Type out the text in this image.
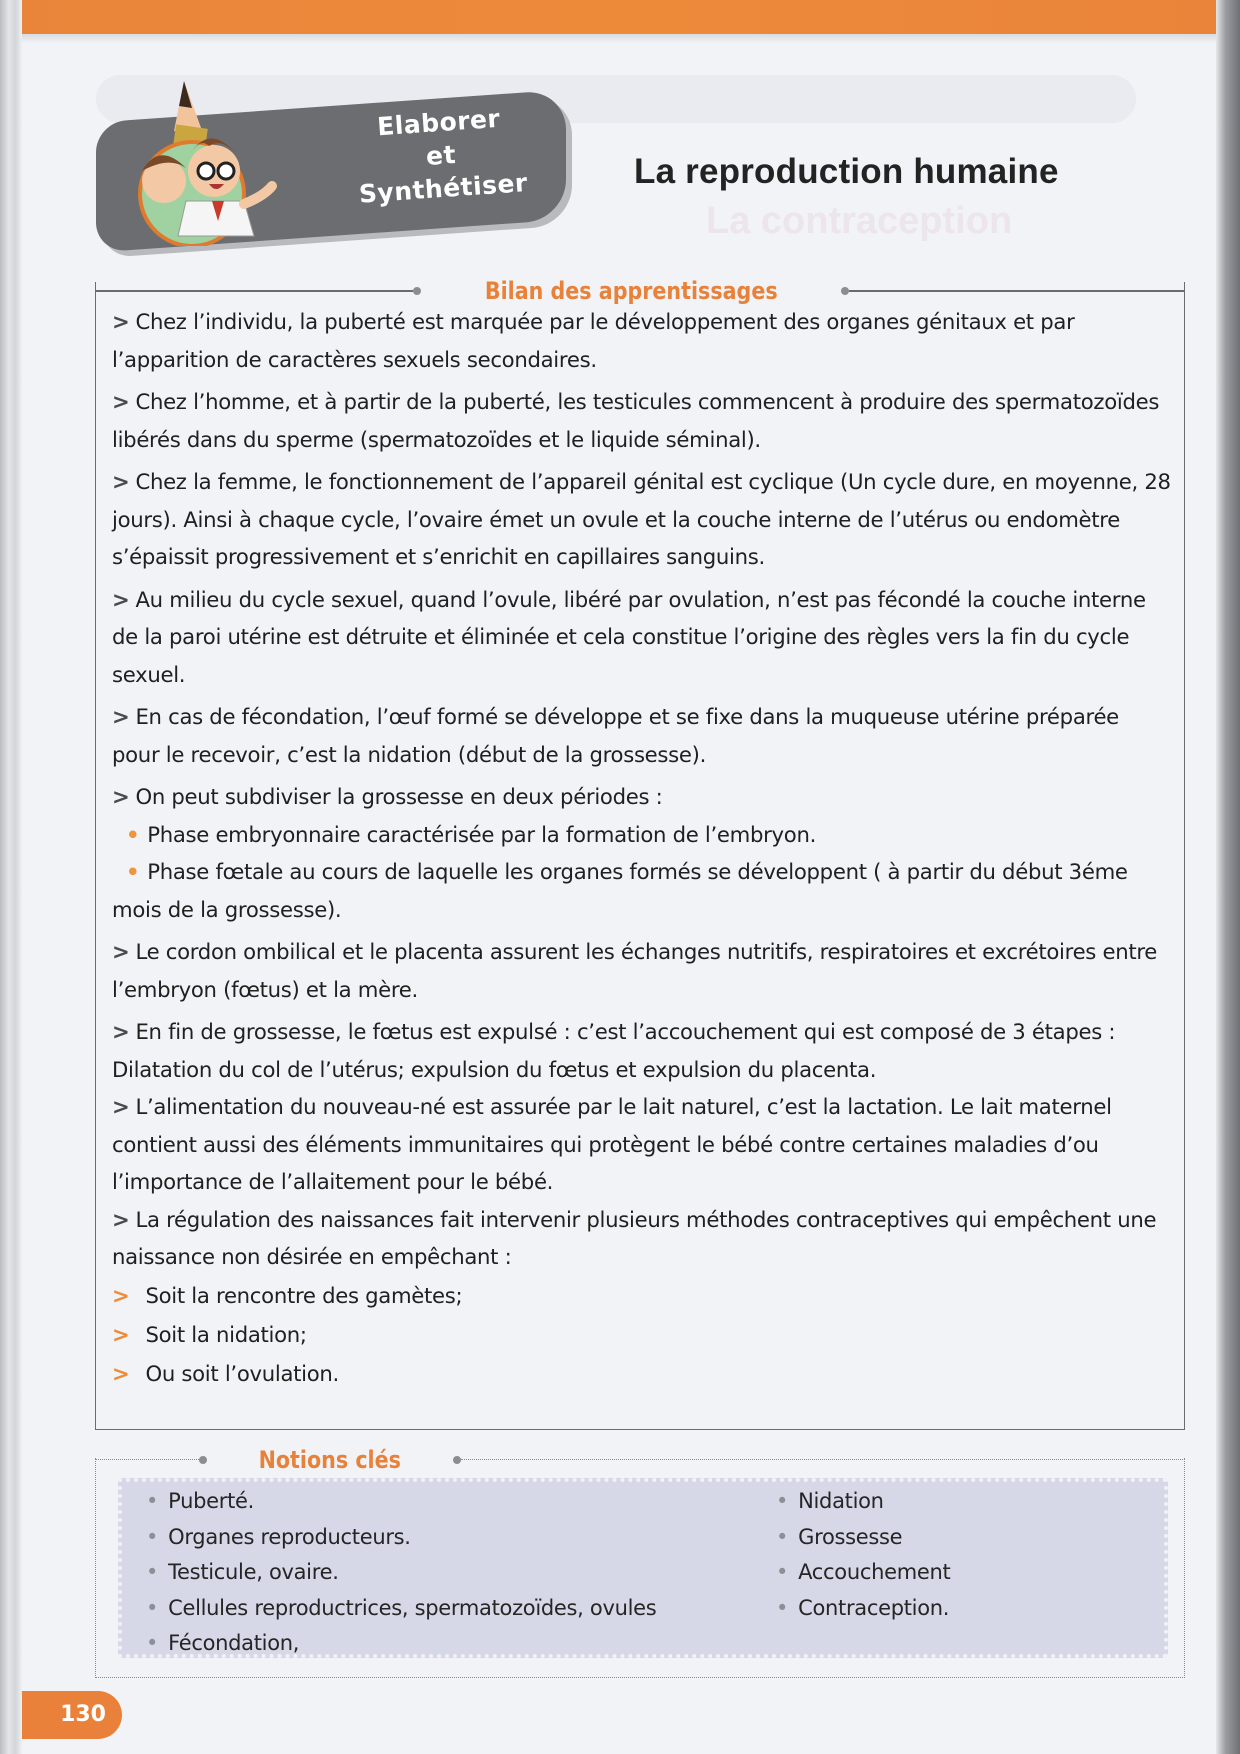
La contraception
Elaborer
et
Synthétiser	La reproduction humaine
Bilan des apprentissages

> Chez l’individu, la puberté est marquée par le développement des organes génitaux et par l’apparition de caractères sexuels secondaires.

> Chez l’homme, et à partir de la puberté, les testicules commencent à produire des spermatozoïdes libérés dans du sperme (spermatozoïdes et le liquide séminal).

> Chez la femme, le fonctionnement de l’appareil génital est cyclique (Un cycle dure, en moyenne, 28 jours). Ainsi à chaque cycle, l’ovaire émet un ovule et la couche interne de l’utérus ou endomètre s’épaissit progressivement et s’enrichit en capillaires sanguins.

> Au milieu du cycle sexuel, quand l’ovule, libéré par ovulation, n’est pas fécondé la couche interne de la paroi utérine est détruite et éliminée et cela constitue l’origine des règles vers la fin du cycle sexuel.

> En cas de fécondation, l’œuf formé se développe et se fixe dans la muqueuse utérine préparée pour le recevoir, c’est la nidation (début de la grossesse).

> On peut subdiviser la grossesse en deux périodes :

• Phase embryonnaire caractérisée par la formation de l’embryon.

• Phase fœtale au cours de laquelle les organes formés se développent ( à partir du début 3éme mois de la grossesse).

> Le cordon ombilical et le placenta assurent les échanges nutritifs, respiratoires et excrétoires entre l’embryon (fœtus) et la mère.

> En fin de grossesse, le fœtus est expulsé : c’est l’accouchement qui est composé de 3 étapes : Dilatation du col de l’utérus; expulsion du fœtus et expulsion du placenta.

> L’alimentation du nouveau-né est assurée par le lait naturel, c’est la lactation. Le lait maternel contient aussi des éléments immunitaires qui protègent le bébé contre certaines maladies d’ou l’importance de l’allaitement pour le bébé.

> La régulation des naissances fait intervenir plusieurs méthodes contraceptives qui empêchent une naissance non désirée en empêchant :

> Soit la rencontre des gamètes;

> Soit la nidation;

> Ou soit l’ovulation.

Notions clés
• Puberté.
• Organes reproducteurs.
• Testicule, ovaire.
• Cellules reproductrices, spermatozoïdes, ovules
• Fécondation,
• Nidation
• Grossesse
• Accouchement
• Contraception.
130
